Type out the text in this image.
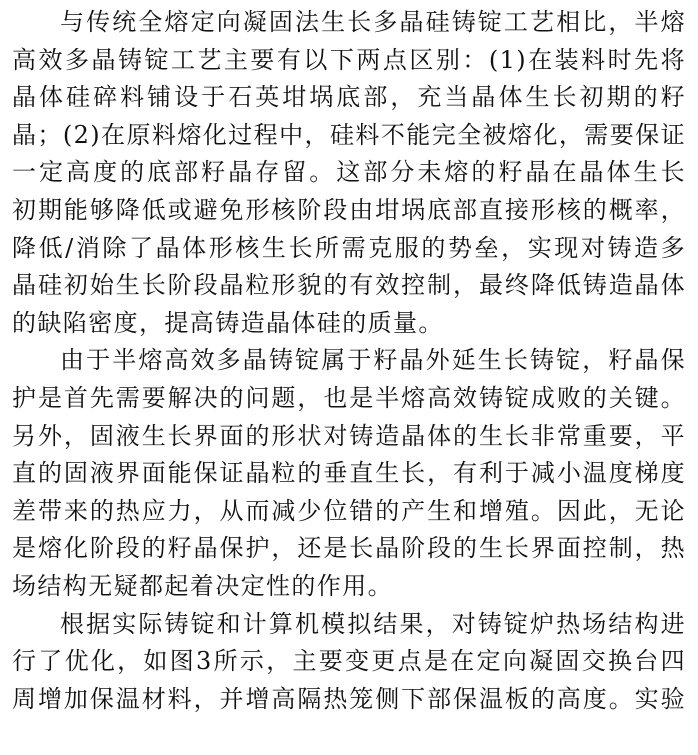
与传统全熔定向凝固法生长多晶硅铸锭工艺相比，半熔
高效多晶铸锭工艺主要有以下两点区别：(1)在装料时先将
晶体硅碎料铺设于石英坩埚底部，充当晶体生长初期的籽
晶；(2)在原料熔化过程中，硅料不能完全被熔化，需要保证
一定高度的底部籽晶存留。这部分未熔的籽晶在晶体生长
初期能够降低或避免形核阶段由坩埚底部直接形核的概率，
降低/消除了晶体形核生长所需克服的势垒，实现对铸造多
晶硅初始生长阶段晶粒形貌的有效控制，最终降低铸造晶体
的缺陷密度，提高铸造晶体硅的质量。
由于半熔高效多晶铸锭属于籽晶外延生长铸锭，籽晶保
护是首先需要解决的问题，也是半熔高效铸锭成败的关键。
另外，固液生长界面的形状对铸造晶体的生长非常重要，平
直的固液界面能保证晶粒的垂直生长，有利于减小温度梯度
差带来的热应力，从而减少位错的产生和增殖。因此，无论
是熔化阶段的籽晶保护，还是长晶阶段的生长界面控制，热
场结构无疑都起着决定性的作用。
根据实际铸锭和计算机模拟结果，对铸锭炉热场结构进
行了优化，如图3所示，主要变更点是在定向凝固交换台四
周增加保温材料，并增高隔热笼侧下部保温板的高度。实验
